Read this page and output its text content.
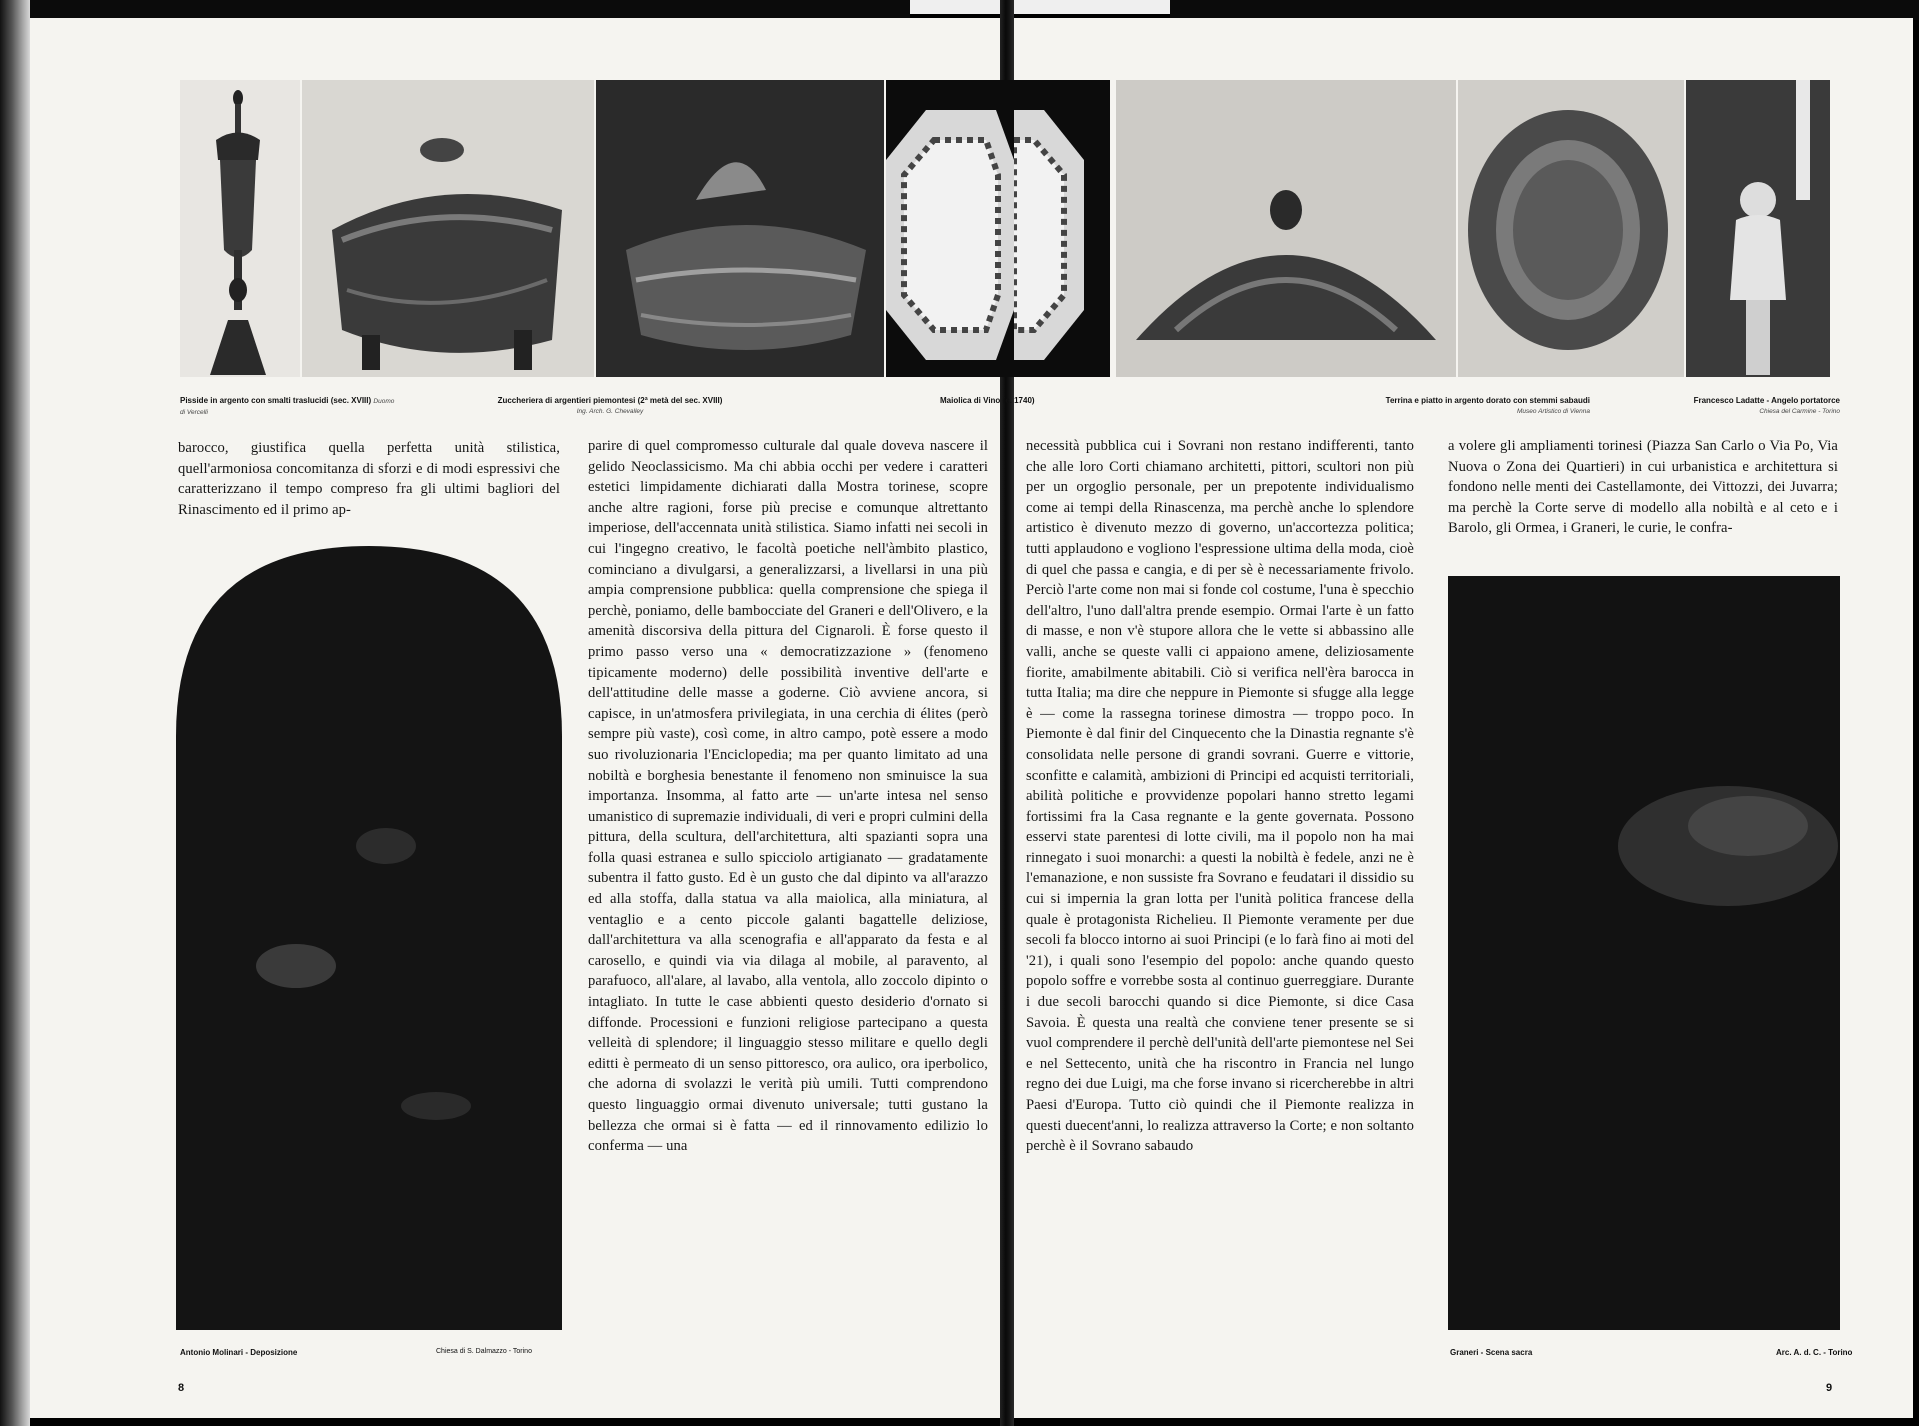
Pisside in argento con smalti traslucidi (sec. XVIII) Duomo di Vercelli
Zuccheriera di argentieri piemontesi (2ª metà del sec. XVIII)
Ing. Arch. G. Chevalley
Maiolica di Vino (c. 1740)	Terrina e piatto in argento dorato con stemmi sabaudi
Museo Artistico di Vienna
Francesco Ladatte - Angelo portatorce
Chiesa del Carmine - Torino

barocco, giustifica quella perfetta unità stilistica, quell'armoniosa concomitanza di sforzi e di modi espressivi che caratterizzano il tempo compreso fra gli ultimi bagliori del Rinascimento ed il primo ap-

parire di quel compromesso culturale dal quale doveva nascere il gelido Neoclassicismo. Ma chi abbia occhi per vedere i caratteri estetici limpidamente dichiarati dalla Mostra torinese, scopre anche altre ragioni, forse più precise e comunque altrettanto imperiose, dell'accennata unità stilistica. Siamo infatti nei secoli in cui l'ingegno creativo, le facoltà poetiche nell'àmbito plastico, cominciano a divulgarsi, a generalizzarsi, a livellarsi in una più ampia comprensione pubblica: quella comprensione che spiega il perchè, poniamo, delle bambocciate del Graneri e dell'Olivero, e la amenità discorsiva della pittura del Cignaroli. È forse questo il primo passo verso una « democratizzazione » (fenomeno tipicamente moderno) delle possibilità inventive dell'arte e dell'attitudine delle masse a goderne. Ciò avviene ancora, si capisce, in un'atmosfera privilegiata, in una cerchia di élites (però sempre più vaste), così come, in altro campo, potè essere a modo suo rivoluzionaria l'Enciclopedia; ma per quanto limitato ad una nobiltà e borghesia benestante il fenomeno non sminuisce la sua importanza. Insomma, al fatto arte — un'arte intesa nel senso umanistico di supremazie individuali, di veri e propri culmini della pittura, della scultura, dell'architettura, alti spazianti sopra una folla quasi estranea e sullo spicciolo artigianato — gradatamente subentra il fatto gusto. Ed è un gusto che dal dipinto va all'arazzo ed alla stoffa, dalla statua va alla maiolica, alla miniatura, al ventaglio e a cento piccole galanti bagattelle deliziose, dall'architettura va alla scenografia e all'apparato da festa e al carosello, e quindi via via dilaga al mobile, al paravento, al parafuoco, all'alare, al lavabo, alla ventola, allo zoccolo dipinto o intagliato. In tutte le case abbienti questo desiderio d'ornato si diffonde. Processioni e funzioni religiose partecipano a questa velleità di splendore; il linguaggio stesso militare e quello degli editti è permeato di un senso pittoresco, ora aulico, ora iperbolico, che adorna di svolazzi le verità più umili. Tutti comprendono questo linguaggio ormai divenuto universale; tutti gustano la bellezza che ormai si è fatta — ed il rinnovamento edilizio lo conferma — una

Antonio Molinari - Deposizione	Chiesa di S. Dalmazzo - Torino
8

necessità pubblica cui i Sovrani non restano indifferenti, tanto che alle loro Corti chiamano architetti, pittori, scultori non più per un orgoglio personale, per un prepotente individualismo come ai tempi della Rinascenza, ma perchè anche lo splendore artistico è divenuto mezzo di governo, un'accortezza politica; tutti applaudono e vogliono l'espressione ultima della moda, cioè di quel che passa e cangia, e di per sè è necessariamente frivolo. Perciò l'arte come non mai si fonde col costume, l'una è specchio dell'altro, l'uno dall'altra prende esempio. Ormai l'arte è un fatto di masse, e non v'è stupore allora che le vette si abbassino alle valli, anche se queste valli ci appaiono amene, deliziosamente fiorite, amabilmente abitabili. Ciò si verifica nell'èra barocca in tutta Italia; ma dire che neppure in Piemonte si sfugge alla legge è — come la rassegna torinese dimostra — troppo poco. In Piemonte è dal finir del Cinquecento che la Dinastia regnante s'è consolidata nelle persone di grandi sovrani. Guerre e vittorie, sconfitte e calamità, ambizioni di Principi ed acquisti territoriali, abilità politiche e provvidenze popolari hanno stretto legami fortissimi fra la Casa regnante e la gente governata. Possono esservi state parentesi di lotte civili, ma il popolo non ha mai rinnegato i suoi monarchi: a questi la nobiltà è fedele, anzi ne è l'emanazione, e non sussiste fra Sovrano e feudatari il dissidio su cui si impernia la gran lotta per l'unità politica francese della quale è protagonista Richelieu. Il Piemonte veramente per due secoli fa blocco intorno ai suoi Principi (e lo farà fino ai moti del '21), i quali sono l'esempio del popolo: anche quando questo popolo soffre e vorrebbe sosta al continuo guerreggiare. Durante i due secoli barocchi quando si dice Piemonte, si dice Casa Savoia. È questa una realtà che conviene tener presente se si vuol comprendere il perchè dell'unità dell'arte piemontese nel Sei e nel Settecento, unità che ha riscontro in Francia nel lungo regno dei due Luigi, ma che forse invano si ricercherebbe in altri Paesi d'Europa. Tutto ciò quindi che il Piemonte realizza in questi duecent'anni, lo realizza attraverso la Corte; e non soltanto perchè è il Sovrano sabaudo

a volere gli ampliamenti torinesi (Piazza San Carlo o Via Po, Via Nuova o Zona dei Quartieri) in cui urbanistica e architettura si fondono nelle menti dei Castellamonte, dei Vittozzi, dei Juvarra; ma perchè la Corte serve di modello alla nobiltà e al ceto e i Barolo, gli Ormea, i Graneri, le curie, le confra-

Graneri - Scena sacra	Arc. A. d. C. - Torino
9
